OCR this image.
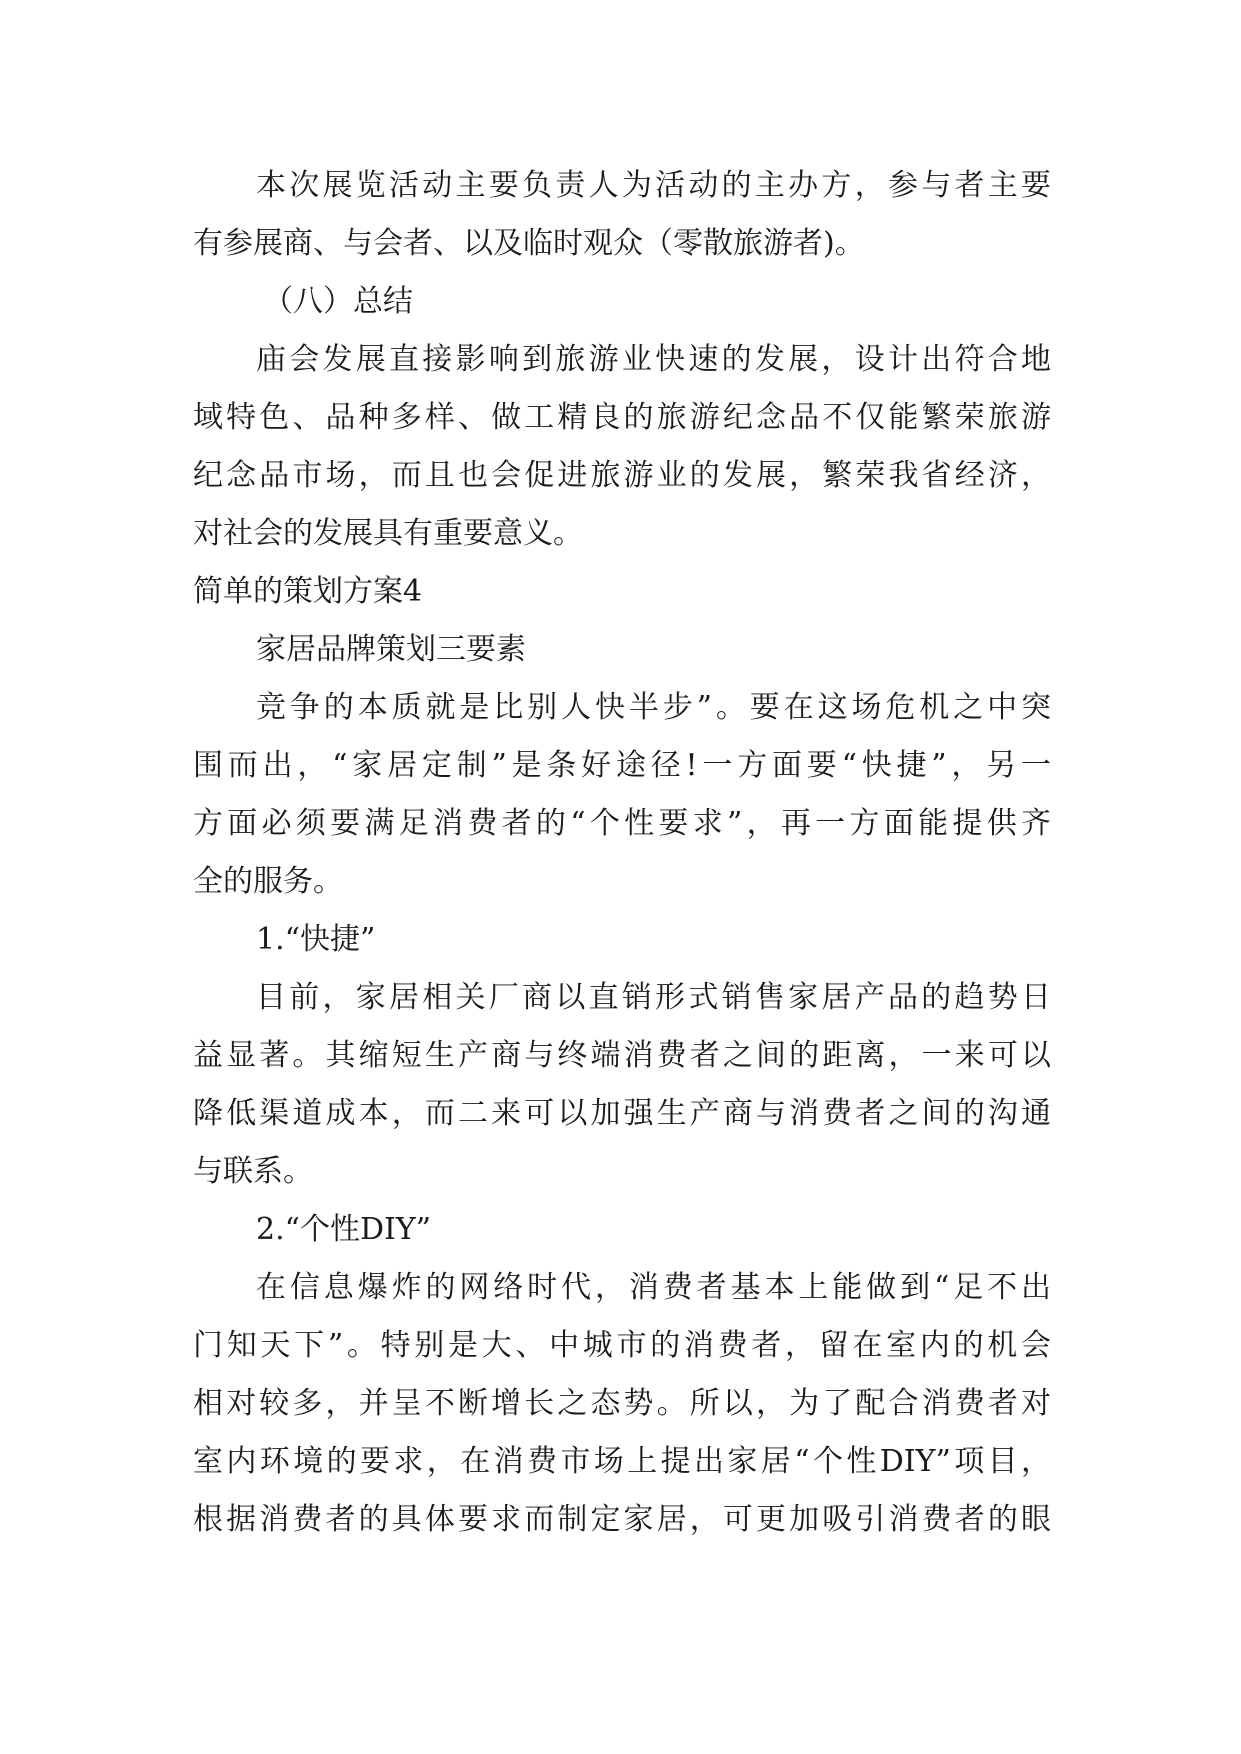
本次展览活动主要负责人为活动的主办方，参与者主要

有参展商、与会者、以及临时观众（零散旅游者)。

（八）总结

庙会发展直接影响到旅游业快速的发展，设计出符合地

域特色、品种多样、做工精良的旅游纪念品不仅能繁荣旅游

纪念品市场，而且也会促进旅游业的发展，繁荣我省经济，

对社会的发展具有重要意义。

简单的策划方案4

家居品牌策划三要素

竞争的本质就是比别人快半步”。要在这场危机之中突

围而出，“家居定制”是条好途径!一方面要“快捷”，另一

方面必须要满足消费者的“个性要求”，再一方面能提供齐

全的服务。

1.“快捷”

目前，家居相关厂商以直销形式销售家居产品的趋势日

益显著。其缩短生产商与终端消费者之间的距离，一来可以

降低渠道成本，而二来可以加强生产商与消费者之间的沟通

与联系。

2.“个性DIY”

在信息爆炸的网络时代，消费者基本上能做到“足不出

门知天下”。特别是大、中城市的消费者，留在室内的机会

相对较多，并呈不断增长之态势。所以，为了配合消费者对

室内环境的要求，在消费市场上提出家居“个性DIY”项目，

根据消费者的具体要求而制定家居，可更加吸引消费者的眼
